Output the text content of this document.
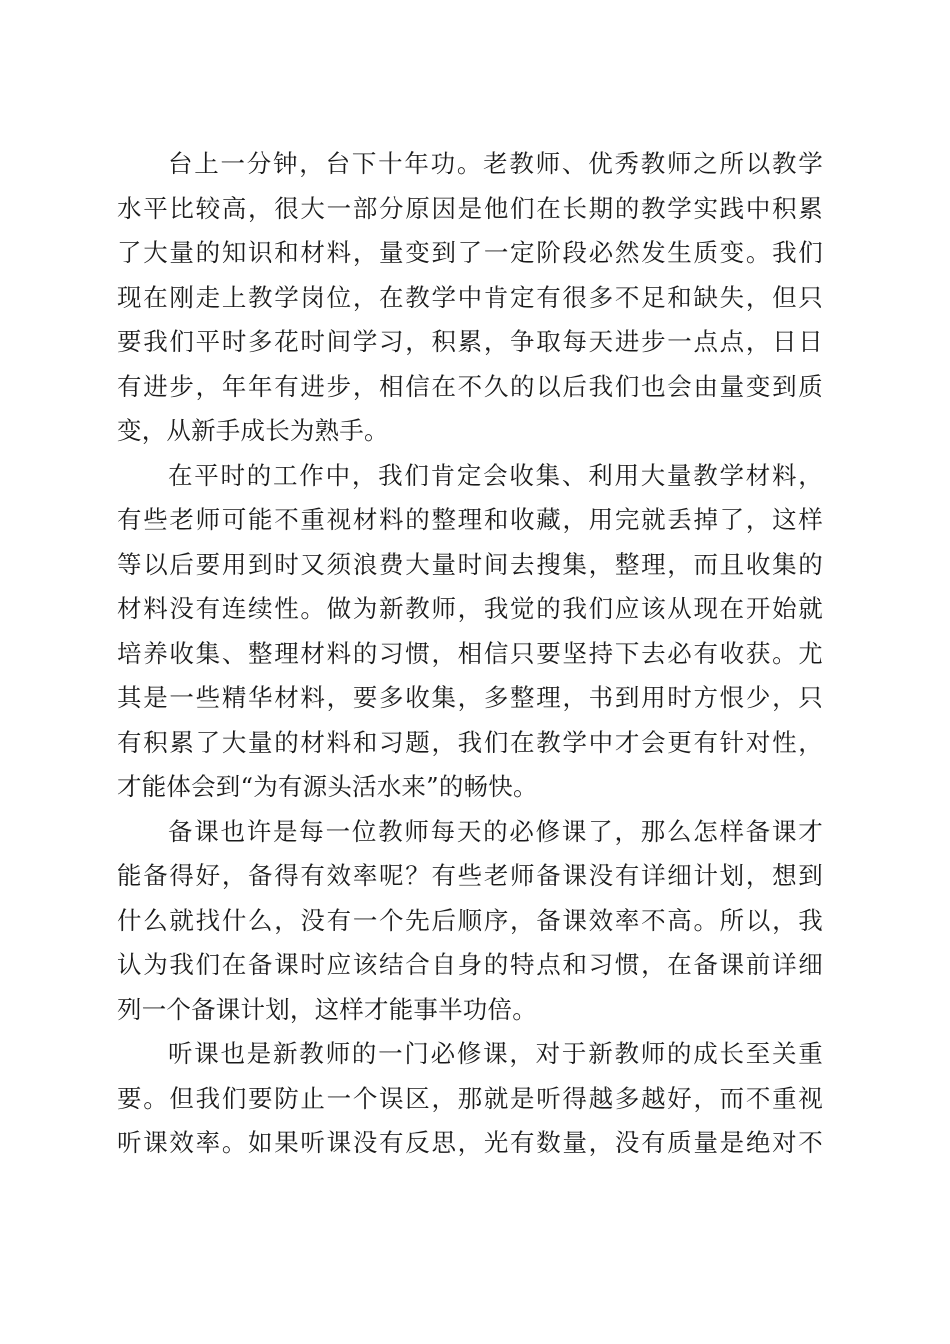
台上一分钟，台下十年功。老教师、优秀教师之所以教学
水平比较高，很大一部分原因是他们在长期的教学实践中积累
了大量的知识和材料，量变到了一定阶段必然发生质变。我们
现在刚走上教学岗位，在教学中肯定有很多不足和缺失，但只
要我们平时多花时间学习，积累，争取每天进步一点点，日日
有进步，年年有进步，相信在不久的以后我们也会由量变到质
变，从新手成长为熟手。
在平时的工作中，我们肯定会收集、利用大量教学材料，
有些老师可能不重视材料的整理和收藏，用完就丢掉了，这样
等以后要用到时又须浪费大量时间去搜集，整理，而且收集的
材料没有连续性。做为新教师，我觉的我们应该从现在开始就
培养收集、整理材料的习惯，相信只要坚持下去必有收获。尤
其是一些精华材料，要多收集，多整理，书到用时方恨少，只
有积累了大量的材料和习题，我们在教学中才会更有针对性，
才能体会到“为有源头活水来”的畅快。
备课也许是每一位教师每天的必修课了，那么怎样备课才
能备得好，备得有效率呢？有些老师备课没有详细计划，想到
什么就找什么，没有一个先后顺序，备课效率不高。所以，我
认为我们在备课时应该结合自身的特点和习惯，在备课前详细
列一个备课计划，这样才能事半功倍。
听课也是新教师的一门必修课，对于新教师的成长至关重
要。但我们要防止一个误区，那就是听得越多越好，而不重视
听课效率。如果听课没有反思，光有数量，没有质量是绝对不
